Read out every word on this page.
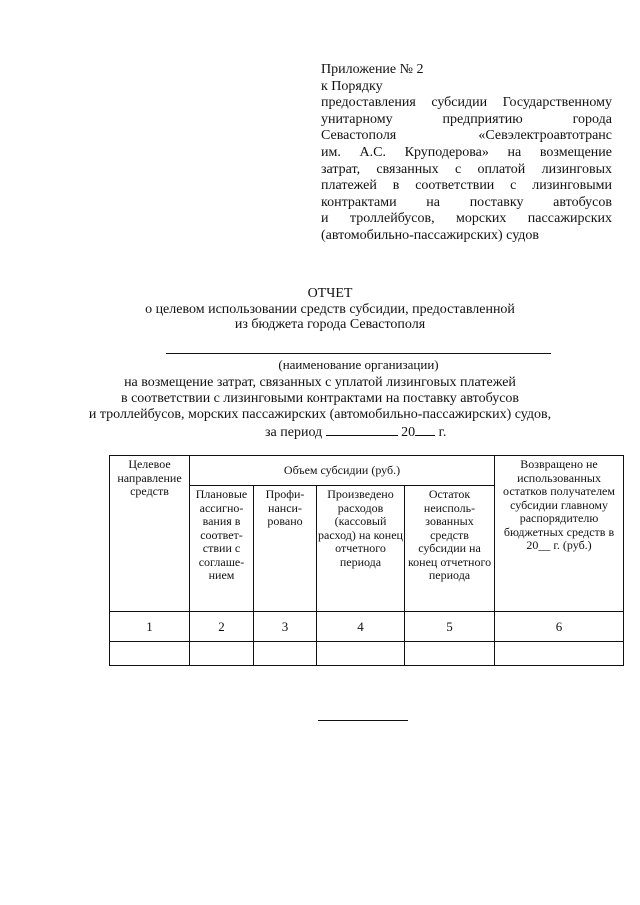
Приложение № 2
к Порядку
предоставления субсидии Государственному
унитарному предприятию города
Севастополя «Севэлектроавтотранс
им. А.С. Круподерова» на возмещение
затрат, связанных с оплатой лизинговых
платежей в соответствии с лизинговыми
контрактами на поставку автобусов
и троллейбусов, морских пассажирских
(автомобильно-пассажирских) судов
ОТЧЕТ
о целевом использовании средств субсидии, предоставленной
из бюджета города Севастополя
(наименование организации)
на возмещение затрат, связанных с уплатой лизинговых платежей
в соответствии с лизинговыми контрактами на поставку автобусов
и троллейбусов, морских пассажирских (автомобильно-пассажирских) судов,
за период	20 г.
Целевое направление средств	Объем субсидии (руб.)				Возвращено не использованных остатков получателем субсидии главному распорядителю бюджетных средств в 20__ г. (руб.)

	Плановые ассигно-вания в соответ-ствии с соглаше-нием	Профи-нанси-ровано	Произведено расходов (кассовый расход) на конец отчетного периода	Остаток неисполь-зованных средств субсидии на конец отчетного периода	

1	2	3	4	5	6
